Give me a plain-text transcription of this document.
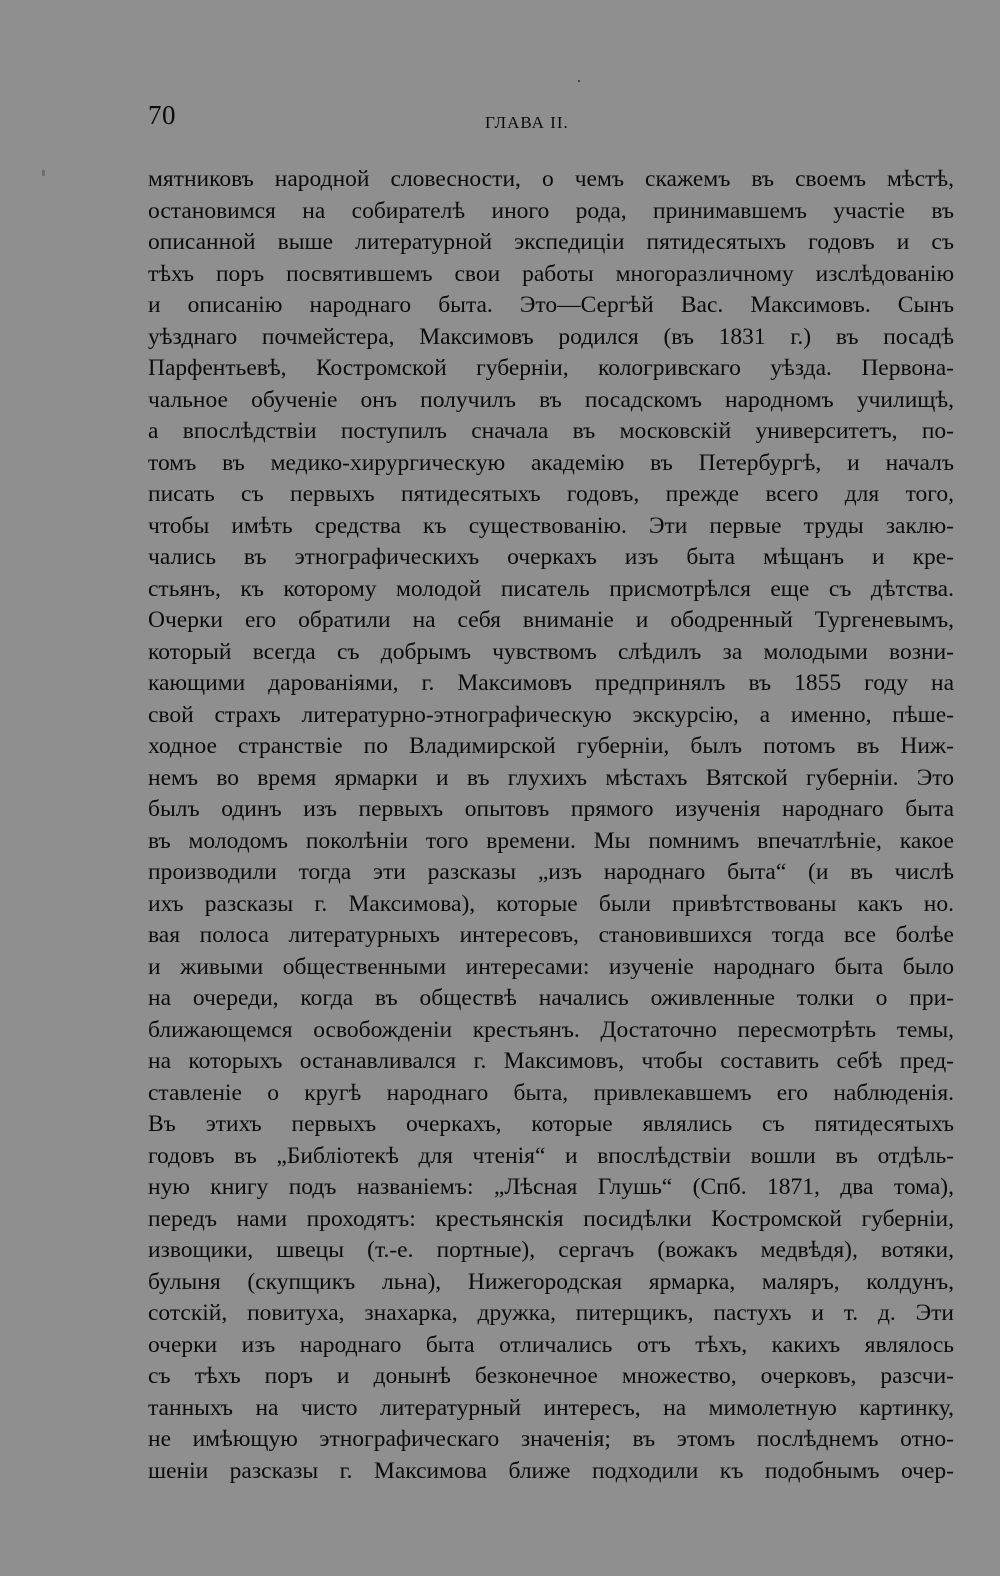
70	ГЛАВА II.
мятниковъ народной словесности, о чемъ скажемъ въ своемъ мѣстѣ,
остановимся на собирателѣ иного рода, принимавшемъ участіе въ
описанной выше литературной экспедиціи пятидесятыхъ годовъ и съ
тѣхъ поръ посвятившемъ свои работы многоразличному изслѣдованію
и описанію народнаго быта. Это—Сергѣй Вас. Максимовъ. Сынъ
уѣзднаго почмейстера, Максимовъ родился (въ 1831 г.) въ посадѣ
Парфентьевѣ, Костромской губерніи, кологривскаго уѣзда. Первона-
чальное обученіе онъ получилъ въ посадскомъ народномъ училищѣ,
а впослѣдствіи поступилъ сначала въ московскій университетъ, по-
томъ въ медико-хирургическую академію въ Петербургѣ, и началъ
писать съ первыхъ пятидесятыхъ годовъ, прежде всего для того,
чтобы имѣть средства къ существованію. Эти первые труды заклю-
чались въ этнографическихъ очеркахъ изъ быта мѣщанъ и кре-
стьянъ, къ которому молодой писатель присмотрѣлся еще съ дѣтства.
Очерки его обратили на себя вниманіе и ободренный Тургеневымъ,
который всегда съ добрымъ чувствомъ слѣдилъ за молодыми возни-
кающими дарованіями, г. Максимовъ предпринялъ въ 1855 году на
свой страхъ литературно-этнографическую экскурсію, а именно, пѣше-
ходное странствіе по Владимирской губерніи, былъ потомъ въ Ниж-
немъ во время ярмарки и въ глухихъ мѣстахъ Вятской губерніи. Это
былъ одинъ изъ первыхъ опытовъ прямого изученія народнаго быта
въ молодомъ поколѣніи того времени. Мы помнимъ впечатлѣніе, какое
производили тогда эти разсказы „изъ народнаго быта“ (и въ числѣ
ихъ разсказы г. Максимова), которые были привѣтствованы какъ но.
вая полоса литературныхъ интересовъ, становившихся тогда все болѣе
и живыми общественными интересами: изученіе народнаго быта было
на очереди, когда въ обществѣ начались оживленные толки о при-
ближающемся освобожденіи крестьянъ. Достаточно пересмотрѣть темы,
на которыхъ останавливался г. Максимовъ, чтобы составить себѣ пред-
ставленіе о кругѣ народнаго быта, привлекавшемъ его наблюденія.
Въ этихъ первыхъ очеркахъ, которые являлись съ пятидесятыхъ
годовъ въ „Библіотекѣ для чтенія“ и впослѣдствіи вошли въ отдѣль-
ную книгу подъ названіемъ: „Лѣсная Глушь“ (Спб. 1871, два тома),
передъ нами проходятъ: крестьянскія посидѣлки Костромской губерніи,
извощики, швецы (т.-е. портные), сергачъ (вожакъ медвѣдя), вотяки,
булыня (скупщикъ льна), Нижегородская ярмарка, маляръ, колдунъ,
сотскій, повитуха, знахарка, дружка, питерщикъ, пастухъ и т. д. Эти
очерки изъ народнаго быта отличались отъ тѣхъ, какихъ являлось
съ тѣхъ поръ и донынѣ безконечное множество, очерковъ, разсчи-
танныхъ на чисто литературный интересъ, на мимолетную картинку,
не имѣющую этнографическаго значенія; въ этомъ послѣднемъ отно-
шеніи разсказы г. Максимова ближе подходили къ подобнымъ очер-
